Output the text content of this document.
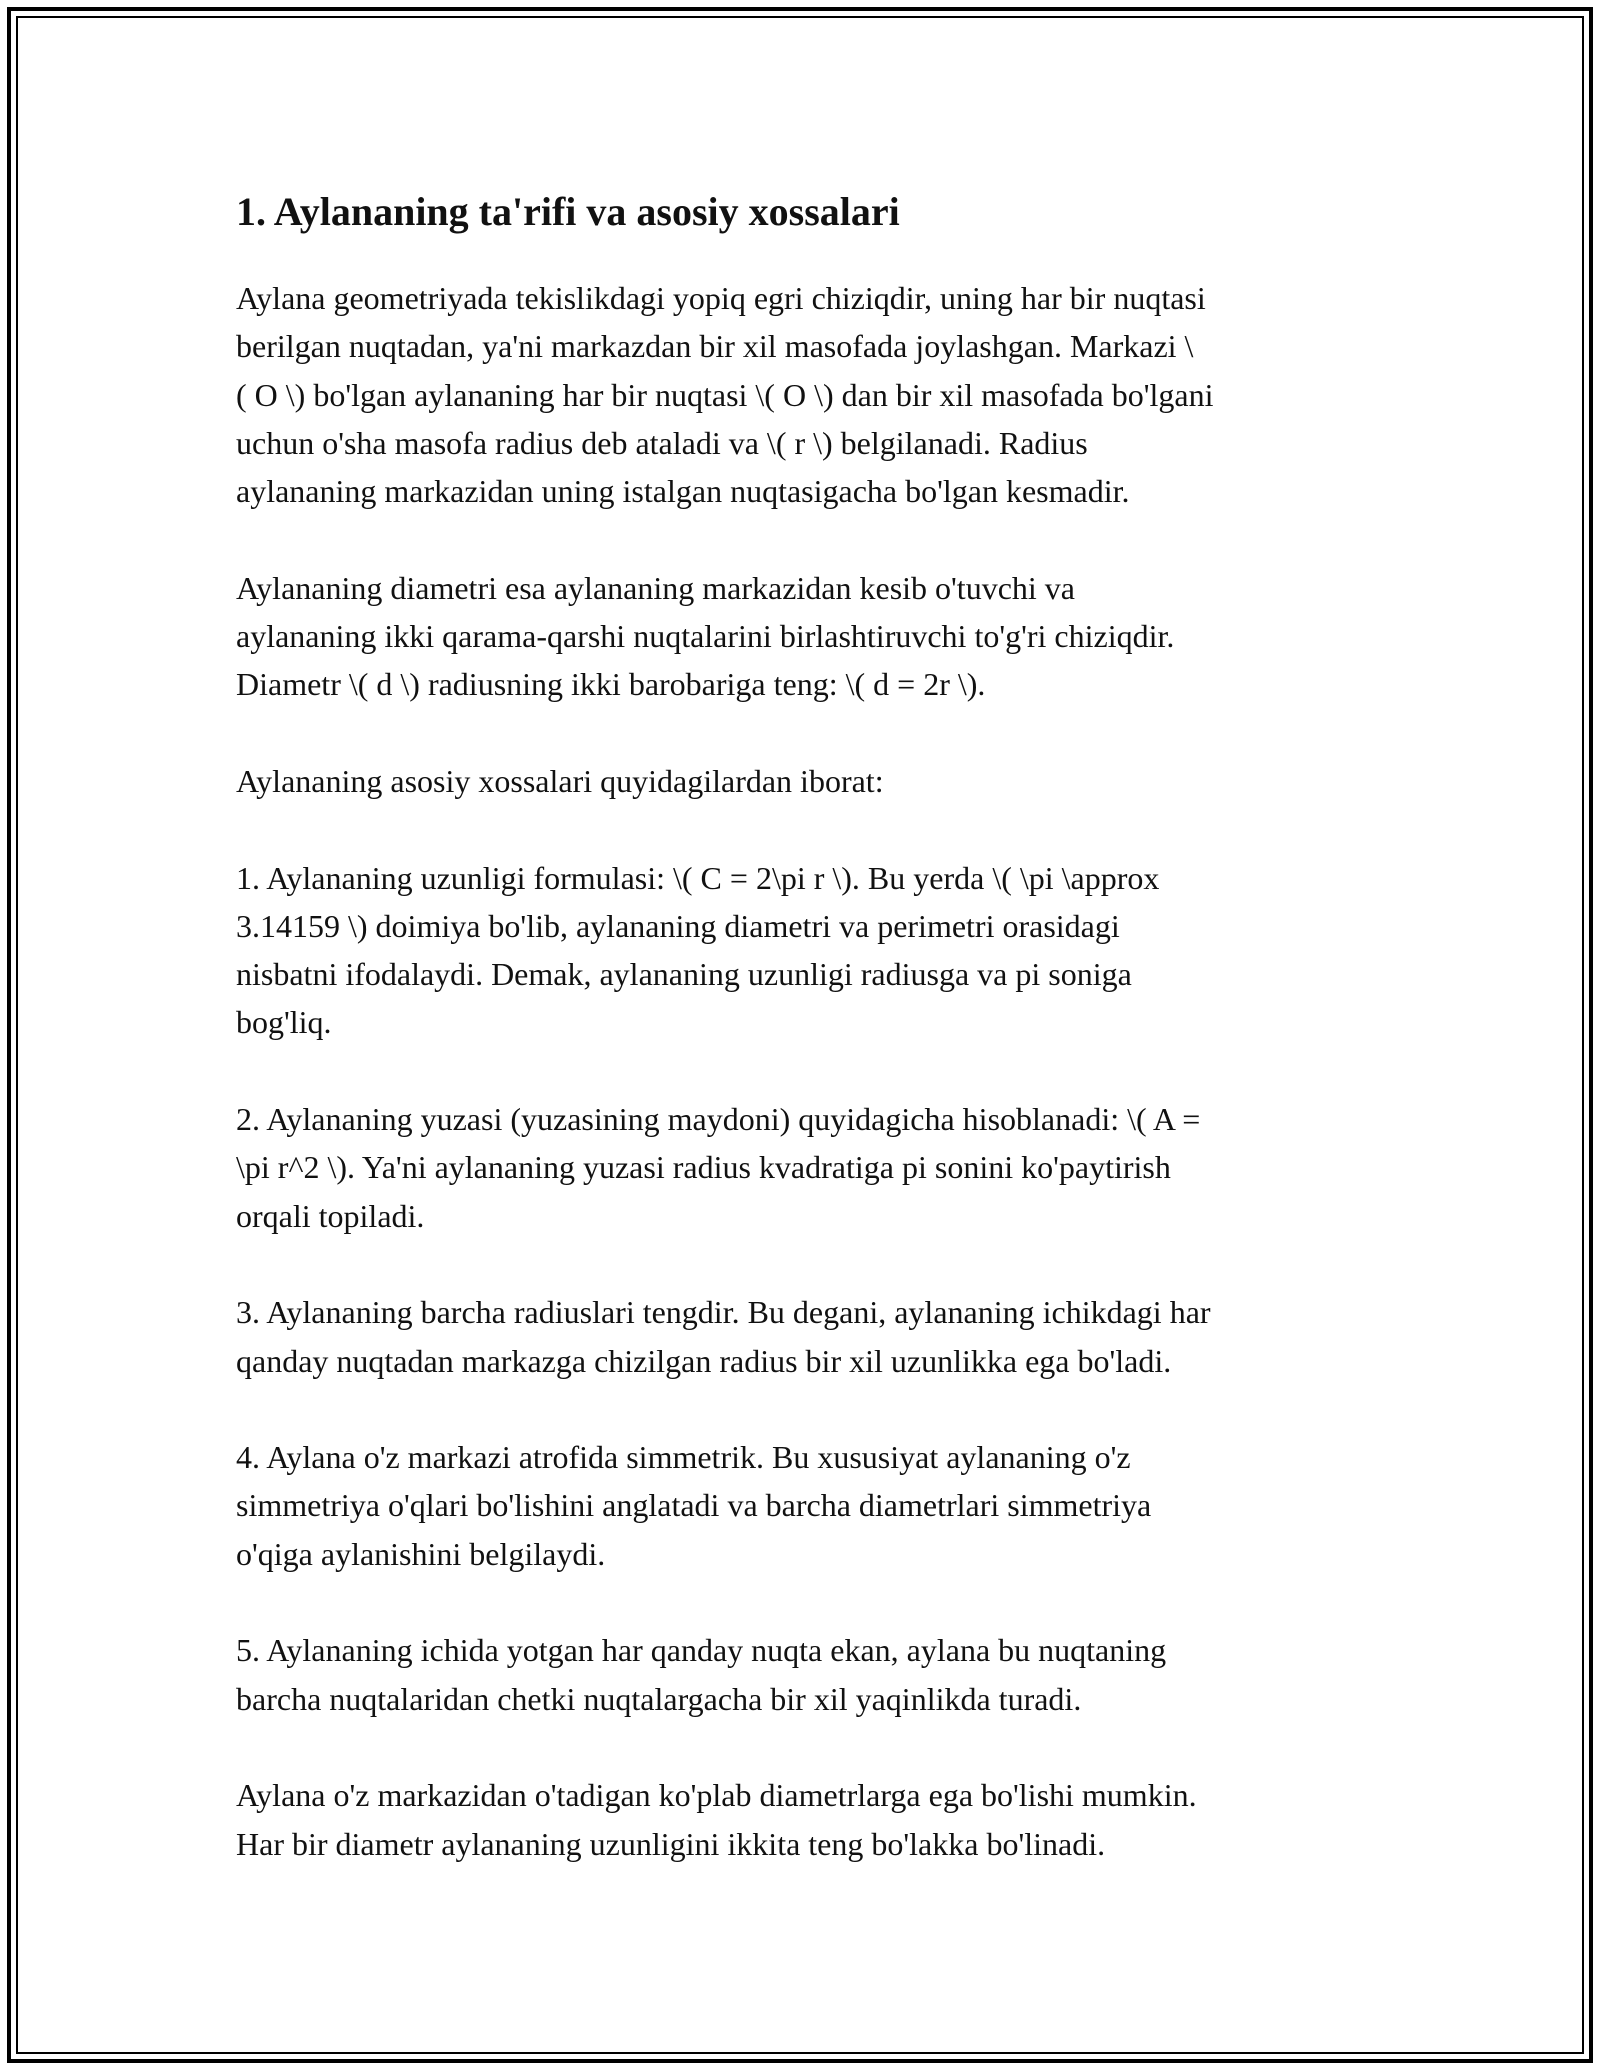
1. Aylananing ta'rifi va asosiy xossalari

Aylana geometriyada tekislikdagi yopiq egri chiziqdir, uning har bir nuqtasi
berilgan nuqtadan, ya'ni markazdan bir xil masofada joylashgan. Markazi \
( O \) bo'lgan aylananing har bir nuqtasi \( O \) dan bir xil masofada bo'lgani
uchun o'sha masofa radius deb ataladi va \( r \) belgilanadi. Radius
aylananing markazidan uning istalgan nuqtasigacha bo'lgan kesmadir.

Aylananing diametri esa aylananing markazidan kesib o'tuvchi va
aylananing ikki qarama-qarshi nuqtalarini birlashtiruvchi to'g'ri chiziqdir.
Diametr \( d \) radiusning ikki barobariga teng: \( d = 2r \).

Aylananing asosiy xossalari quyidagilardan iborat:

1. Aylananing uzunligi formulasi: \( C = 2\pi r \). Bu yerda \( \pi \approx
3.14159 \) doimiya bo'lib, aylananing diametri va perimetri orasidagi
nisbatni ifodalaydi. Demak, aylananing uzunligi radiusga va pi soniga
bog'liq.

2. Aylananing yuzasi (yuzasining maydoni) quyidagicha hisoblanadi: \( A =
\pi r^2 \). Ya'ni aylananing yuzasi radius kvadratiga pi sonini ko'paytirish
orqali topiladi.

3. Aylananing barcha radiuslari tengdir. Bu degani, aylananing ichikdagi har
qanday nuqtadan markazga chizilgan radius bir xil uzunlikka ega bo'ladi.

4. Aylana o'z markazi atrofida simmetrik. Bu xususiyat aylananing o'z
simmetriya o'qlari bo'lishini anglatadi va barcha diametrlari simmetriya
o'qiga aylanishini belgilaydi.

5. Aylananing ichida yotgan har qanday nuqta ekan, aylana bu nuqtaning
barcha nuqtalaridan chetki nuqtalargacha bir xil yaqinlikda turadi.

Aylana o'z markazidan o'tadigan ko'plab diametrlarga ega bo'lishi mumkin.
Har bir diametr aylananing uzunligini ikkita teng bo'lakka bo'linadi.
